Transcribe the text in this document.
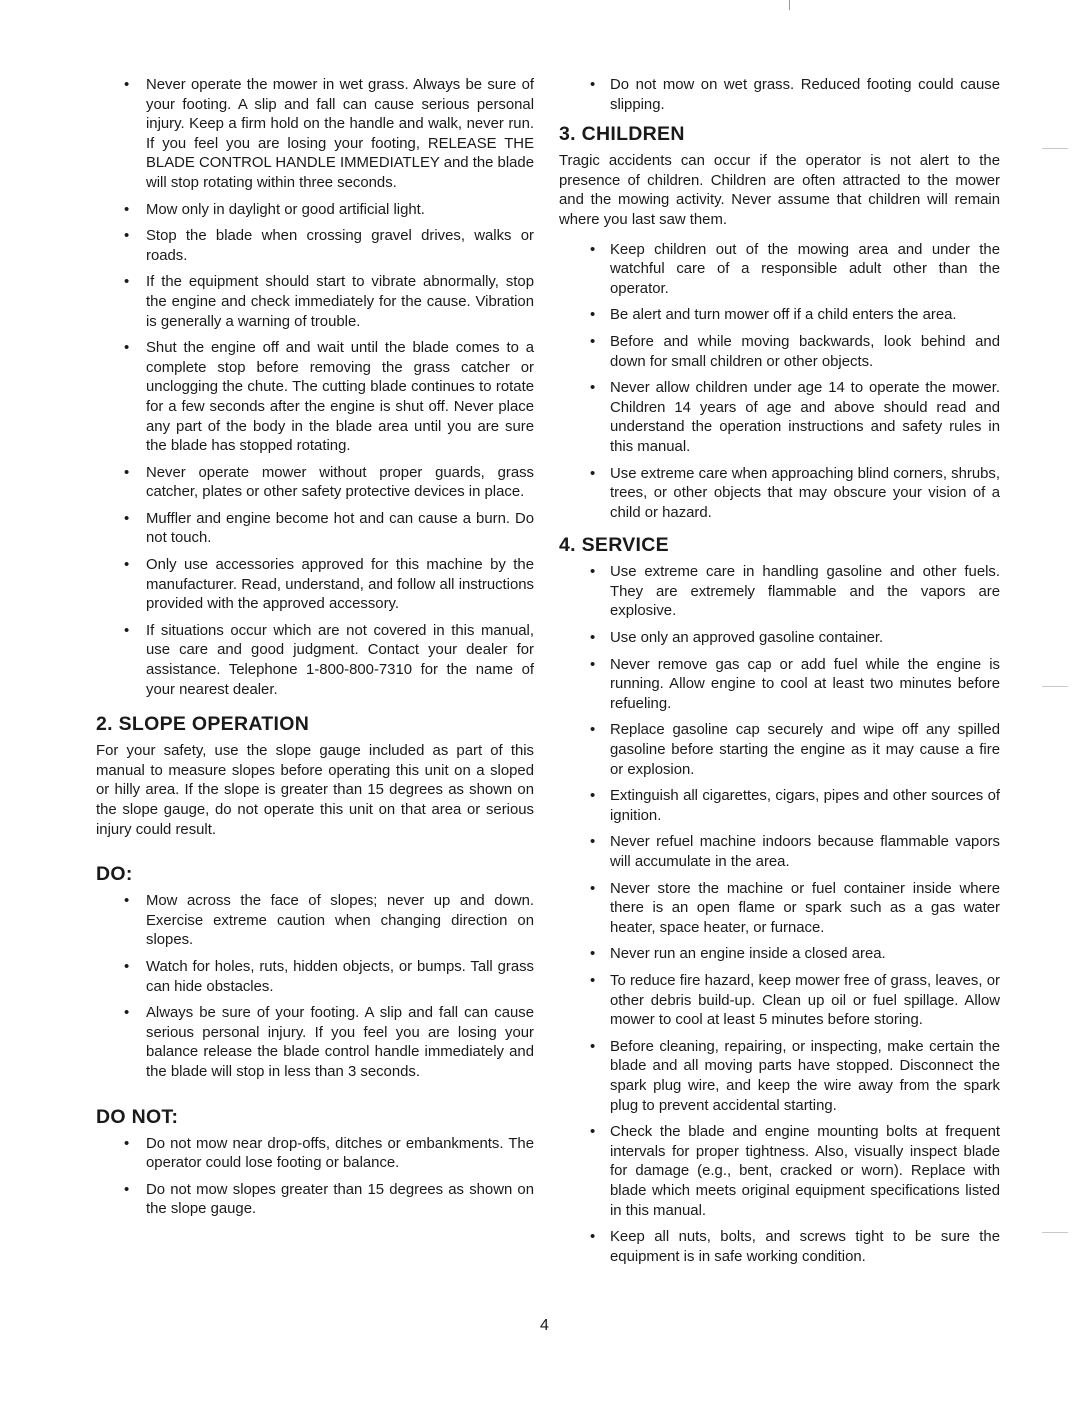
• Never operate the mower in wet grass. Always be sure of your footing. A slip and fall can cause serious personal injury. Keep a firm hold on the handle and walk, never run. If you feel you are losing your footing, RELEASE THE BLADE CONTROL HANDLE IMMEDIATLEY and the blade will stop rotating within three seconds.
• Mow only in daylight or good artificial light.
• Stop the blade when crossing gravel drives, walks or roads.
• If the equipment should start to vibrate abnormally, stop the engine and check immediately for the cause. Vibration is generally a warning of trouble.
• Shut the engine off and wait until the blade comes to a complete stop before removing the grass catcher or unclogging the chute. The cutting blade continues to rotate for a few seconds after the engine is shut off. Never place any part of the body in the blade area until you are sure the blade has stopped rotating.
• Never operate mower without proper guards, grass catcher, plates or other safety protective devices in place.
• Muffler and engine become hot and can cause a burn. Do not touch.
• Only use accessories approved for this machine by the manufacturer. Read, understand, and follow all instructions provided with the approved accessory.
• If situations occur which are not covered in this manual, use care and good judgment. Contact your dealer for assistance. Telephone 1-800-800-7310 for the name of your nearest dealer.
2. SLOPE OPERATION

For your safety, use the slope gauge included as part of this manual to measure slopes before operating this unit on a sloped or hilly area. If the slope is greater than 15 degrees as shown on the slope gauge, do not operate this unit on that area or serious injury could result.

DO:
• Mow across the face of slopes; never up and down. Exercise extreme caution when changing direction on slopes.
• Watch for holes, ruts, hidden objects, or bumps. Tall grass can hide obstacles.
• Always be sure of your footing. A slip and fall can cause serious personal injury. If you feel you are losing your balance release the blade control handle immediately and the blade will stop in less than 3 seconds.
DO NOT:
• Do not mow near drop-offs, ditches or embankments. The operator could lose footing or balance.
• Do not mow slopes greater than 15 degrees as shown on the slope gauge.
• Do not mow on wet grass. Reduced footing could cause slipping.
3. CHILDREN

Tragic accidents can occur if the operator is not alert to the presence of children. Children are often attracted to the mower and the mowing activity. Never assume that children will remain where you last saw them.

• Keep children out of the mowing area and under the watchful care of a responsible adult other than the operator.
• Be alert and turn mower off if a child enters the area.
• Before and while moving backwards, look behind and down for small children or other objects.
• Never allow children under age 14 to operate the mower. Children 14 years of age and above should read and understand the operation instructions and safety rules in this manual.
• Use extreme care when approaching blind corners, shrubs, trees, or other objects that may obscure your vision of a child or hazard.
4. SERVICE
• Use extreme care in handling gasoline and other fuels. They are extremely flammable and the vapors are explosive.
• Use only an approved gasoline container.
• Never remove gas cap or add fuel while the engine is running. Allow engine to cool at least two minutes before refueling.
• Replace gasoline cap securely and wipe off any spilled gasoline before starting the engine as it may cause a fire or explosion.
• Extinguish all cigarettes, cigars, pipes and other sources of ignition.
• Never refuel machine indoors because flammable vapors will accumulate in the area.
• Never store the machine or fuel container inside where there is an open flame or spark such as a gas water heater, space heater, or furnace.
• Never run an engine inside a closed area.
• To reduce fire hazard, keep mower free of grass, leaves, or other debris build-up. Clean up oil or fuel spillage. Allow mower to cool at least 5 minutes before storing.
• Before cleaning, repairing, or inspecting, make certain the blade and all moving parts have stopped. Disconnect the spark plug wire, and keep the wire away from the spark plug to prevent accidental starting.
• Check the blade and engine mounting bolts at frequent intervals for proper tightness. Also, visually inspect blade for damage (e.g., bent, cracked or worn). Replace with blade which meets original equipment specifications listed in this manual.
• Keep all nuts, bolts, and screws tight to be sure the equipment is in safe working condition.
4
